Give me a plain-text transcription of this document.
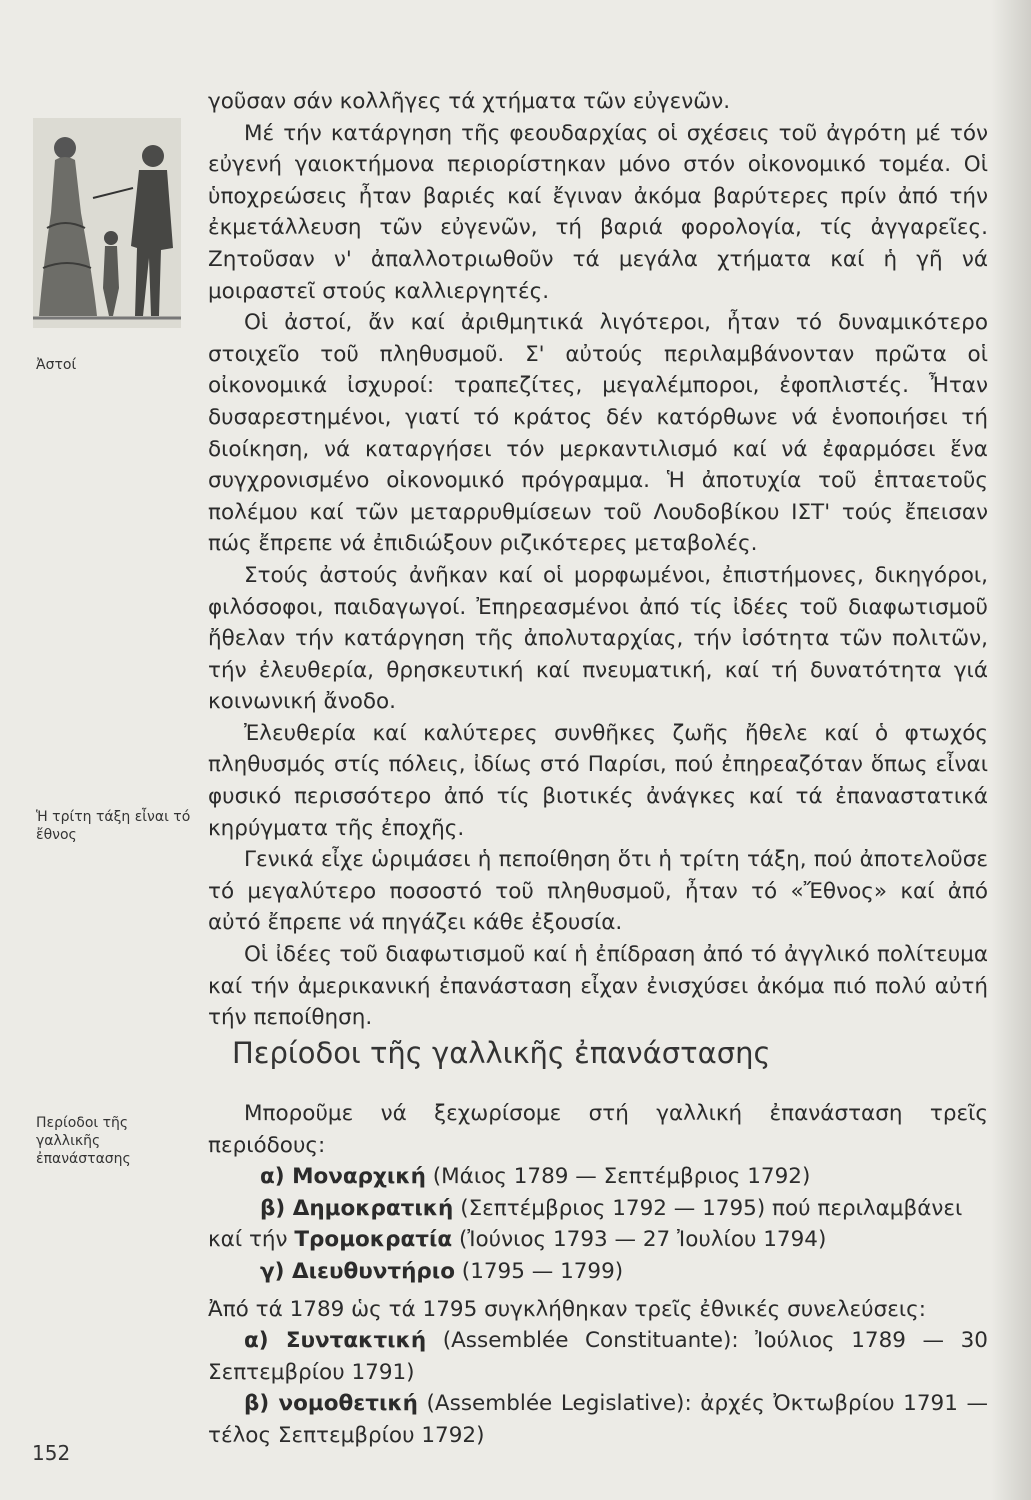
Ἀστοί
Ἡ τρίτη τάξη εἶναι τό ἔθνος
Περίοδοι τῆς γαλλικῆς ἐπανάστασης

γοῦσαν σάν κολλῆγες τά χτήματα τῶν εὐγενῶν.

Μέ τήν κατάργηση τῆς φεουδαρχίας οἱ σχέσεις τοῦ ἀγρότη μέ τόν εὐγενή γαιοκτήμονα περιορίστηκαν μόνο στόν οἰκονομικό τομέα. Οἱ ὑποχρεώσεις ἦταν βαριές καί ἔγιναν ἀκόμα βαρύτερες πρίν ἀπό τήν ἐκμετάλλευση τῶν εὐγενῶν, τή βαριά φορολογία, τίς ἀγγαρεῖες. Ζητοῦσαν ν' ἀπαλλοτριωθοῦν τά μεγάλα χτήματα καί ἡ γῆ νά μοιραστεῖ στούς καλλιεργητές.

Οἱ ἀστοί, ἄν καί ἀριθμητικά λιγότεροι, ἦταν τό δυναμικότερο στοιχεῖο τοῦ πληθυσμοῦ. Σ' αὐτούς περιλαμβάνονταν πρῶτα οἱ οἰκονομικά ἰσχυροί: τραπεζίτες, μεγαλέμποροι, ἐφοπλιστές. Ἦταν δυσαρεστημένοι, γιατί τό κράτος δέν κατόρθωνε νά ἑνοποιήσει τή διοίκηση, νά καταργήσει τόν μερκαντιλισμό καί νά ἐφαρμόσει ἕνα συγχρονισμένο οἰκονομικό πρόγραμμα. Ἡ ἀποτυχία τοῦ ἑπταετοῦς πολέμου καί τῶν μεταρρυθμίσεων τοῦ Λουδοβίκου ΙΣΤ' τούς ἔπεισαν πώς ἔπρεπε νά ἐπιδιώξουν ριζικότερες μεταβολές.

Στούς ἀστούς ἀνῆκαν καί οἱ μορφωμένοι, ἐπιστήμονες, δικηγόροι, φιλόσοφοι, παιδαγωγοί. Ἐπηρεασμένοι ἀπό τίς ἰδέες τοῦ διαφωτισμοῦ ἤθελαν τήν κατάργηση τῆς ἀπολυταρχίας, τήν ἰσότητα τῶν πολιτῶν, τήν ἐλευθερία, θρησκευτική καί πνευματική, καί τή δυνατότητα γιά κοινωνική ἄνοδο.

Ἐλευθερία καί καλύτερες συνθῆκες ζωῆς ἤθελε καί ὁ φτωχός πληθυσμός στίς πόλεις, ἰδίως στό Παρίσι, πού ἐπηρεαζόταν ὅπως εἶναι φυσικό περισσότερο ἀπό τίς βιοτικές ἀνάγκες καί τά ἐπαναστατικά κηρύγματα τῆς ἐποχῆς.

Γενικά εἶχε ὡριμάσει ἡ πεποίθηση ὅτι ἡ τρίτη τάξη, πού ἀποτελοῦσε τό μεγαλύτερο ποσοστό τοῦ πληθυσμοῦ, ἦταν τό «Ἔθνος» καί ἀπό αὐτό ἔπρεπε νά πηγάζει κάθε ἐξουσία.

Οἱ ἰδέες τοῦ διαφωτισμοῦ καί ἡ ἐπίδραση ἀπό τό ἀγγλικό πολίτευμα καί τήν ἀμερικανική ἐπανάσταση εἶχαν ἐνισχύσει ἀκόμα πιό πολύ αὐτή τήν πεποίθηση.

Περίοδοι τῆς γαλλικῆς ἐπανάστασης

Μποροῦμε νά ξεχωρίσομε στή γαλλική ἐπανάσταση τρεῖς περιόδους:

α) Μοναρχική (Μάιος 1789 — Σεπτέμβριος 1792)

β) Δημοκρατική (Σεπτέμβριος 1792 — 1795) πού περιλαμβάνει

καί τήν Τρομοκρατία (Ἰούνιος 1793 — 27 Ἰουλίου 1794)

γ) Διευθυντήριο (1795 — 1799)

Ἀπό τά 1789 ὡς τά 1795 συγκλήθηκαν τρεῖς ἐθνικές συνελεύσεις:

α) Συντακτική (Assemblée Constituante): Ἰούλιος 1789 — 30 Σεπτεμβρίου 1791)

β) νομοθετική (Assemblée Legislative): ἀρχές Ὀκτωβρίου 1791 — τέλος Σεπτεμβρίου 1792)

152
